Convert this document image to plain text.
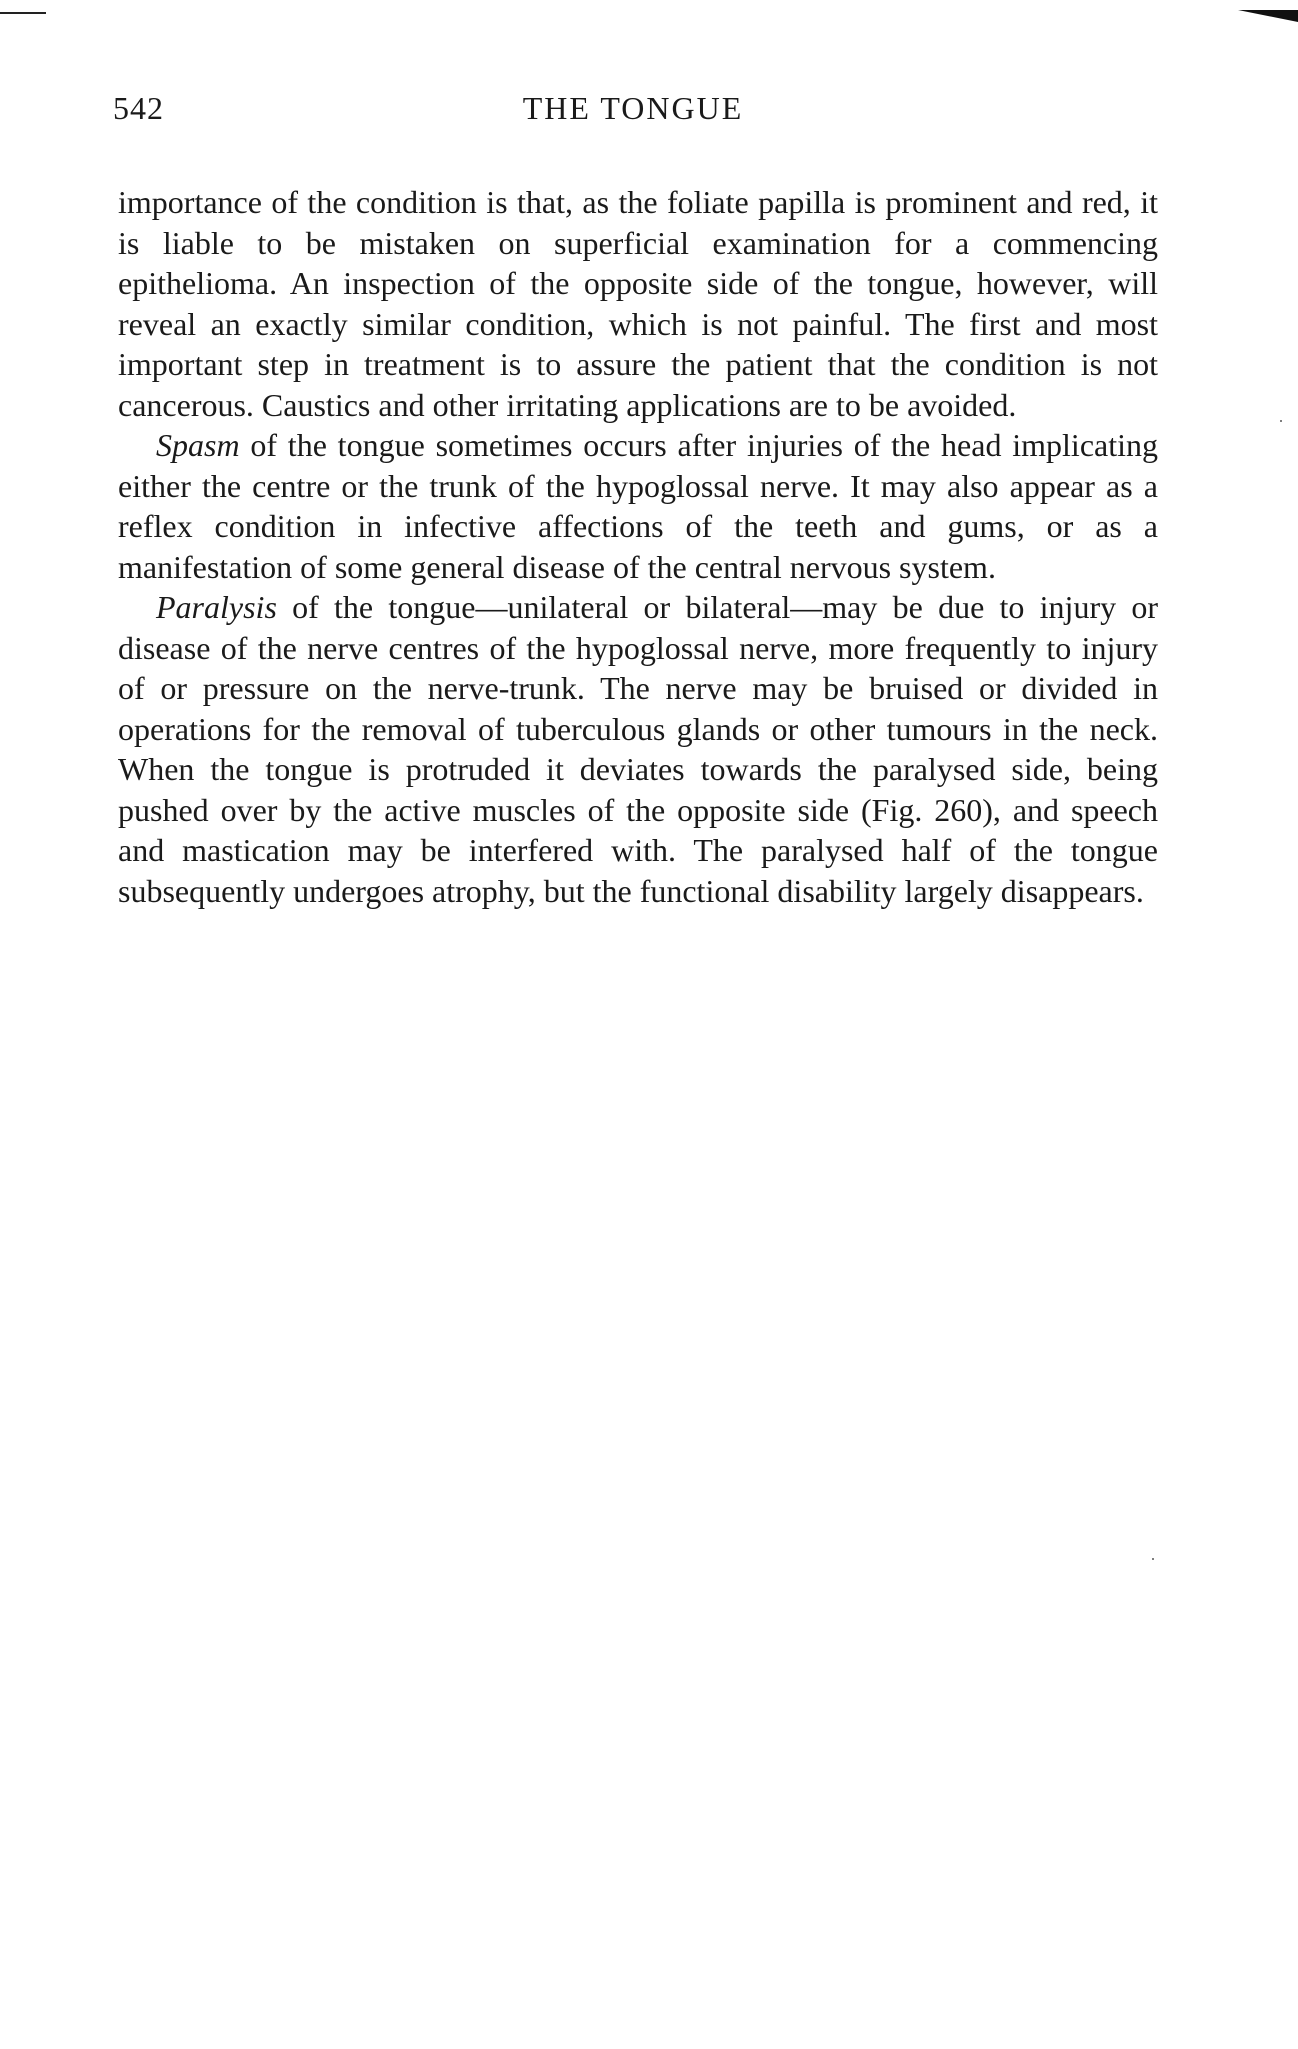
542	THE TONGUE

importance of the condition is that, as the foliate papilla is prominent and red, it is liable to be mistaken on superficial examination for a commencing epithelioma. An inspection of the opposite side of the tongue, however, will reveal an exactly similar condition, which is not painful. The first and most important step in treatment is to assure the patient that the condition is not cancerous. Caustics and other irritating applications are to be avoided.

Spasm of the tongue sometimes occurs after injuries of the head implicating either the centre or the trunk of the hypoglossal nerve. It may also appear as a reflex condition in infective affections of the teeth and gums, or as a manifestation of some general disease of the central nervous system.

Paralysis of the tongue—unilateral or bilateral—may be due to injury or disease of the nerve centres of the hypoglossal nerve, more frequently to injury of or pressure on the nerve-trunk. The nerve may be bruised or divided in operations for the removal of tuberculous glands or other tumours in the neck. When the tongue is protruded it deviates towards the paralysed side, being pushed over by the active muscles of the opposite side (Fig. 260), and speech and mastication may be interfered with. The paralysed half of the tongue subsequently undergoes atrophy, but the functional disability largely disappears.
